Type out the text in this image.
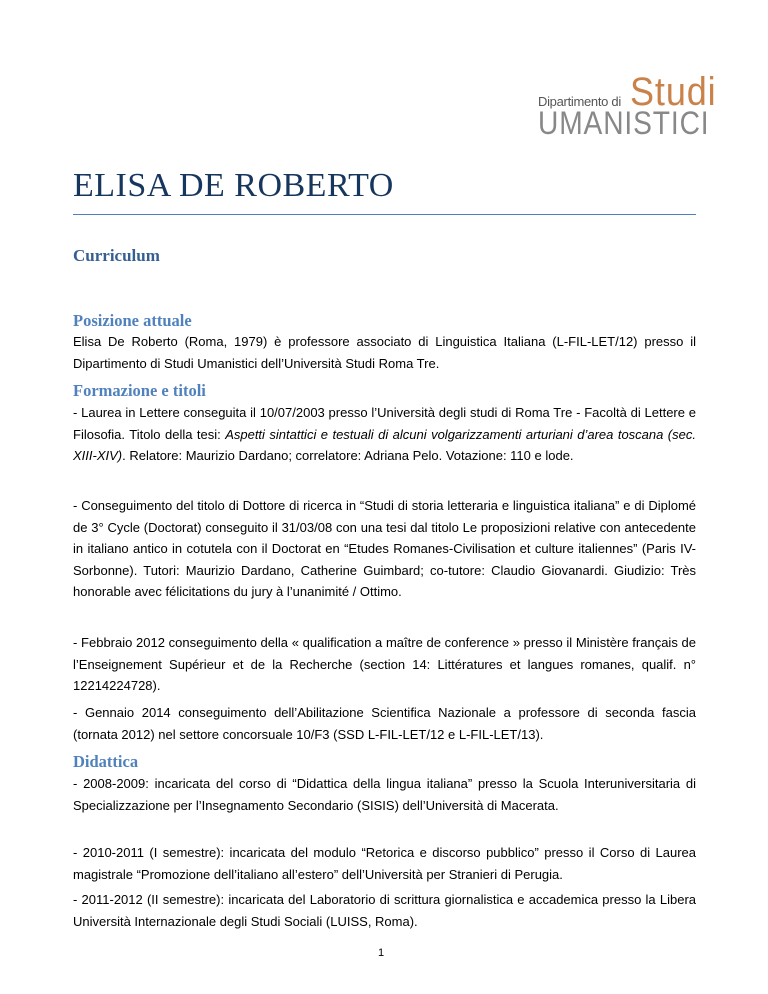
Dipartimento di Studi
UMANISTICI
ELISA DE ROBERTO
Curriculum
Posizione attuale
Elisa De Roberto (Roma, 1979) è professore associato di Linguistica Italiana (L-FIL-LET/12) presso il Dipartimento di Studi Umanistici dell’Università Studi Roma Tre.
Formazione e titoli
- Laurea in Lettere conseguita il 10/07/2003 presso l’Università degli studi di Roma Tre - Facoltà di Lettere e Filosofia. Titolo della tesi: Aspetti sintattici e testuali di alcuni volgarizzamenti arturiani d’area toscana (sec. XIII-XIV). Relatore: Maurizio Dardano; correlatore: Adriana Pelo. Votazione: 110 e lode.
- Conseguimento del titolo di Dottore di ricerca in “Studi di storia letteraria e linguistica italiana” e di Diplomé de 3° Cycle (Doctorat) conseguito il 31/03/08 con una tesi dal titolo Le proposizioni relative con antecedente in italiano antico in cotutela con il Doctorat en “Etudes Romanes-Civilisation et culture italiennes” (Paris IV-Sorbonne). Tutori: Maurizio Dardano, Catherine Guimbard; co-tutore: Claudio Giovanardi. Giudizio: Très honorable avec félicitations du jury à l’unanimité / Ottimo.
- Febbraio 2012 conseguimento della « qualification a maître de conference » presso il Ministère français de l’Enseignement Supérieur et de la Recherche (section 14: Littératures et langues romanes, qualif. n° 12214224728).
- Gennaio 2014 conseguimento dell’Abilitazione Scientifica Nazionale a professore di seconda fascia (tornata 2012) nel settore concorsuale 10/F3 (SSD L-FIL-LET/12 e L-FIL-LET/13).
Didattica
- 2008-2009: incaricata del corso di “Didattica della lingua italiana” presso la Scuola Interuniversitaria di Specializzazione per l’Insegnamento Secondario (SISIS) dell’Università di Macerata.
- 2010-2011 (I semestre): incaricata del modulo “Retorica e discorso pubblico” presso il Corso di Laurea magistrale “Promozione dell’italiano all’estero” dell’Università per Stranieri di Perugia.
- 2011-2012 (II semestre): incaricata del Laboratorio di scrittura giornalistica e accademica presso la Libera Università Internazionale degli Studi Sociali (LUISS, Roma).
1
